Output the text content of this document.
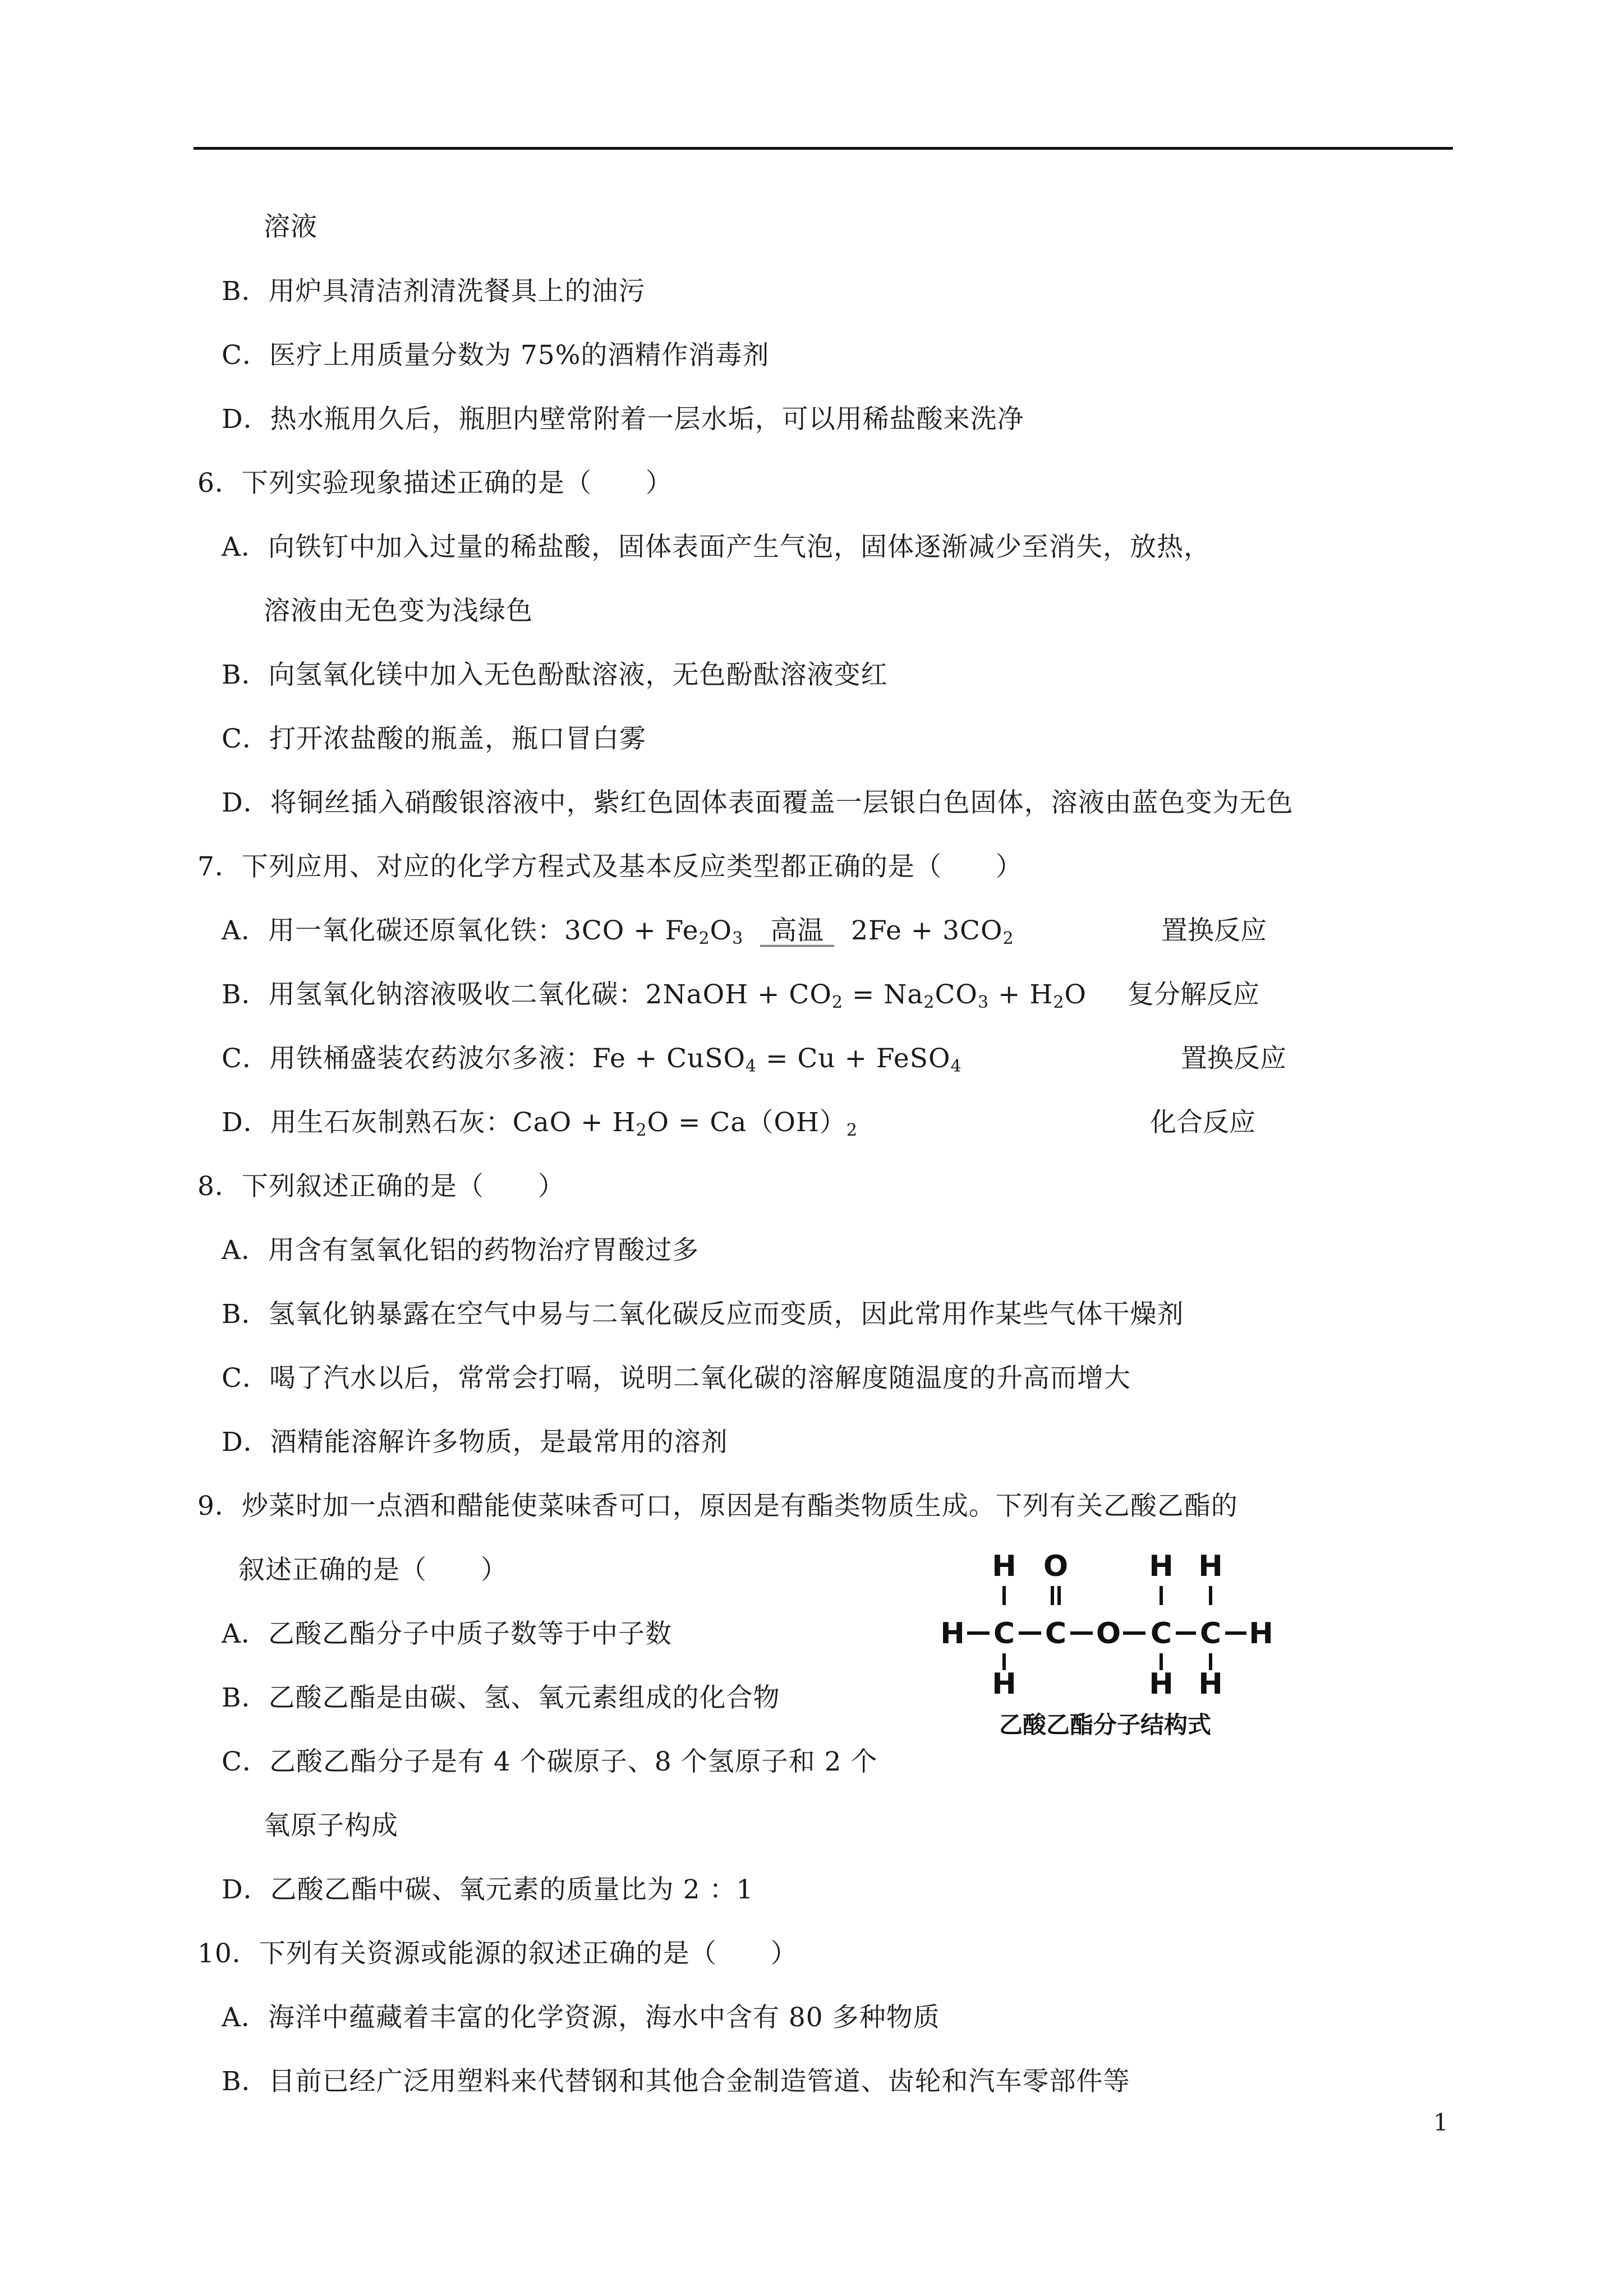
溶液
B．用炉具清洁剂清洗餐具上的油污
C．医疗上用质量分数为 75%的酒精作消毒剂
D．热水瓶用久后，瓶胆内壁常附着一层水垢，可以用稀盐酸来洗净
6．下列实验现象描述正确的是（　　）
A．向铁钉中加入过量的稀盐酸，固体表面产生气泡，固体逐渐减少至消失，放热，
溶液由无色变为浅绿色
B．向氢氧化镁中加入无色酚酞溶液，无色酚酞溶液变红
C．打开浓盐酸的瓶盖，瓶口冒白雾
D．将铜丝插入硝酸银溶液中，紫红色固体表面覆盖一层银白色固体，溶液由蓝色变为无色
7．下列应用、对应的化学方程式及基本反应类型都正确的是（　　）
A．用一氧化碳还原氧化铁：$3CO + Fe_2O_3$ 高温 $2Fe + 3CO_2$	置换反应
B．用氢氧化钠溶液吸收二氧化碳：2NaOH + $CO_2 = Na_2CO_3 + H_2O$ 复分解反应
C．用铁桶盛装农药波尔多液：Fe + CuSO$_4$ = Cu + FeSO$_4$	置换反应
D．用生石灰制熟石灰：CaO + $H_2O = Ca(OH)_2$	化合反应
8．下列叙述正确的是（　　）
A．用含有氢氧化铝的药物治疗胃酸过多
B．氢氧化钠暴露在空气中易与二氧化碳反应而变质，因此常用作某些气体干燥剂
C．喝了汽水以后，常常会打嗝，说明二氧化碳的溶解度随温度的升高而增大
D．酒精能溶解许多物质，是最常用的溶剂
9．炒菜时加一点酒和醋能使菜味香可口，原因是有酯类物质生成。下列有关乙酸乙酯的
叙述正确的是（　　）
A．乙酸乙酯分子中质子数等于中子数
B．乙酸乙酯是由碳、氢、氧元素组成的化合物
C．乙酸乙酯分子是有 4 个碳原子、8 个氢原子和 2 个
氧原子构成
D．乙酸乙酯中碳、氧元素的质量比为 2 ：1
10．下列有关资源或能源的叙述正确的是（　　）
A．海洋中蕴藏着丰富的化学资源，海水中含有 80 多种物质
B．目前已经广泛用塑料来代替钢和其他合金制造管道、齿轮和汽车零部件等
H O	H H
H C C O C C H
H	H H
乙酸乙酯分子结构式
1
